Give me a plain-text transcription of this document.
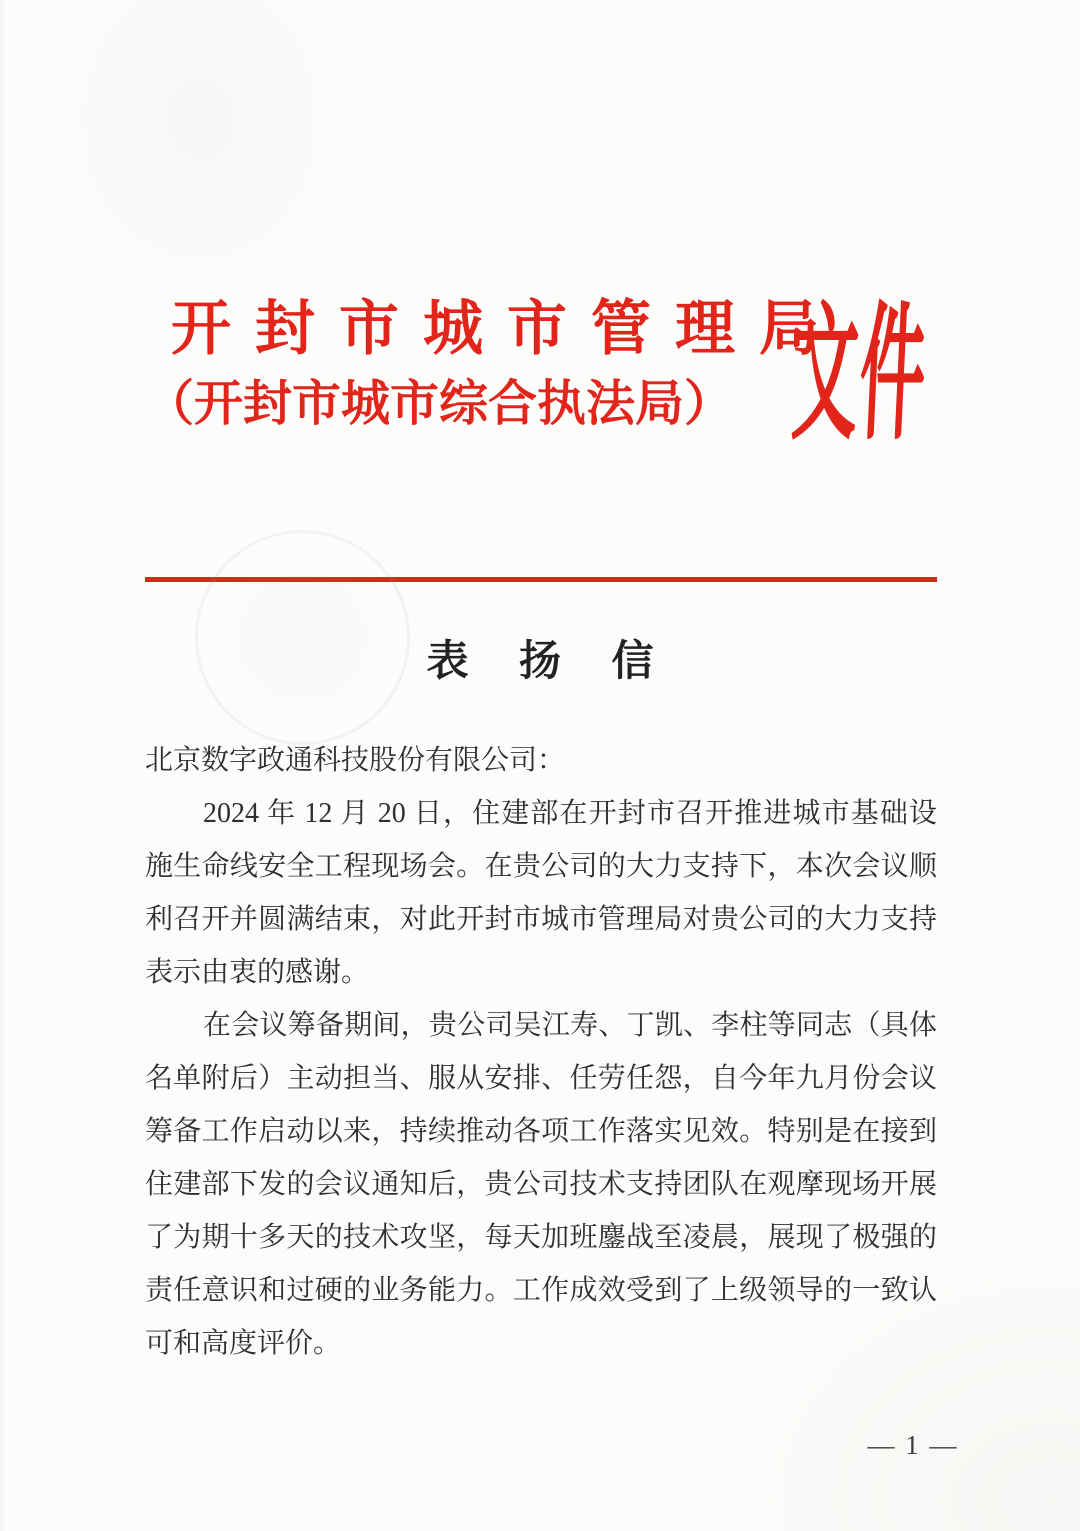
开封市城市管理局
（开封市城市综合执法局） 文件
表 扬 信
北京数字政通科技股份有限公司：
2024 年 12 月 20 日，住建部在开封市召开推进城市基础设
施生命线安全工程现场会。在贵公司的大力支持下，本次会议顺
利召开并圆满结束，对此开封市城市管理局对贵公司的大力支持
表示由衷的感谢。
在会议筹备期间，贵公司吴江寿、丁凯、李柱等同志（具体
名单附后）主动担当、服从安排、任劳任怨，自今年九月份会议
筹备工作启动以来，持续推动各项工作落实见效。特别是在接到
住建部下发的会议通知后，贵公司技术支持团队在观摩现场开展
了为期十多天的技术攻坚，每天加班鏖战至凌晨，展现了极强的
责任意识和过硬的业务能力。工作成效受到了上级领导的一致认
可和高度评价。
— 1 —
